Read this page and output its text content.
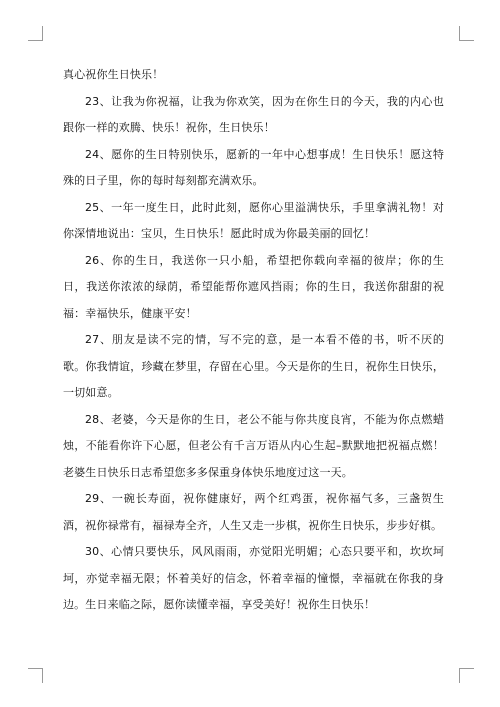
真心祝你生日快乐！

23、让我为你祝福，让我为你欢笑，因为在你生日的今天，我的内心也跟你一样的欢腾、快乐！祝你，生日快乐！

24、愿你的生日特别快乐，愿新的一年中心想事成！生日快乐！愿这特殊的日子里，你的每时每刻都充满欢乐。

25、一年一度生日，此时此刻，愿你心里溢满快乐，手里拿满礼物！对你深情地说出：宝贝，生日快乐！愿此时成为你最美丽的回忆！

26、你的生日，我送你一只小船，希望把你载向幸福的彼岸；你的生日，我送你浓浓的绿荫，希望能帮你遮风挡雨；你的生日，我送你甜甜的祝福：幸福快乐，健康平安！

27、朋友是读不完的情，写不完的意，是一本看不倦的书，听不厌的歌。你我情谊，珍藏在梦里，存留在心里。今天是你的生日，祝你生日快乐，一切如意。

28、老婆，今天是你的生日，老公不能与你共度良宵，不能为你点燃蜡烛，不能看你许下心愿，但老公有千言万语从内心生起–默默地把祝福点燃！老婆生日快乐日志希望您多多保重身体快乐地度过这一天。

29、一碗长寿面，祝你健康好，两个红鸡蛋，祝你福气多，三盏贺生酒，祝你禄常有，福禄寿全齐，人生又走一步棋，祝你生日快乐，步步好棋。

30、心情只要快乐，风风雨雨，亦觉阳光明媚；心态只要平和，坎坎坷坷，亦觉幸福无限；怀着美好的信念，怀着幸福的憧憬，幸福就在你我的身边。生日来临之际，愿你读懂幸福，享受美好！祝你生日快乐！
